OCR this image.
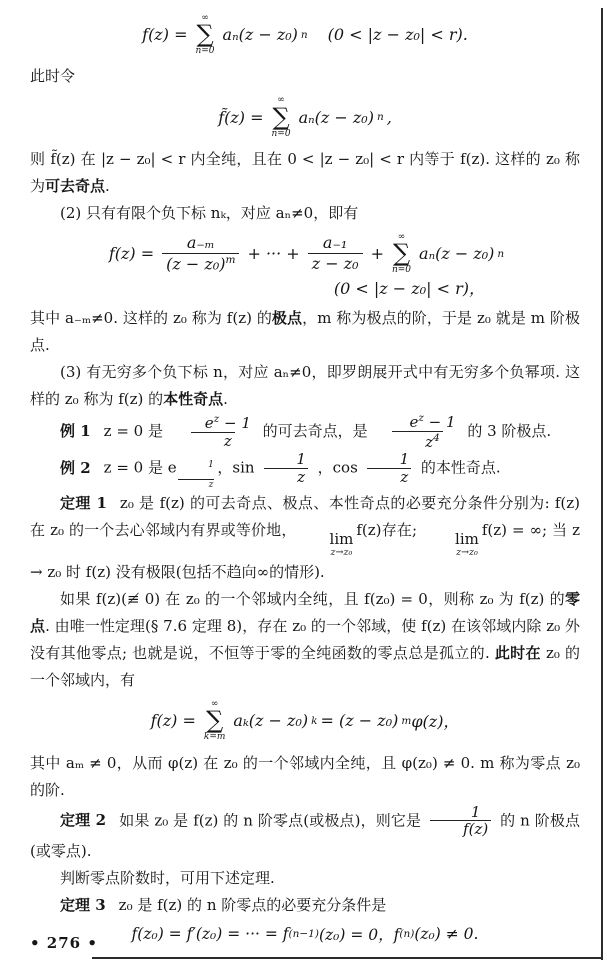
f(z) =
∞
∑
n=0
aₙ(z − z₀) n (0 < |z − z₀| < r).

此时令

f̃(z) =
∞
∑
n=0
aₙ(z − z₀) n ,

则 f̃(z) 在 |z − z₀| < r 内全纯，且在 0 < |z − z₀| < r 内等于 f(z). 这样的 z₀ 称为可去奇点.

(2) 只有有限个负下标 nₖ，对应 aₙ≠0，即有

$f(z) = \frac{\text{a₋ₘ}}{(z - z_0)^m}$ + ··· + $\frac{\text{a₋₁}}{\text{z − z₀}}$ +
∞
∑
n=0
aₙ(z − z₀) n
(0 < |z − z₀| < r)，

其中 a₋ₘ≠0. 这样的 z₀ 称为 f(z) 的极点，m 称为极点的阶，于是 z₀ 就是 m 阶极点.

(3) 有无穷多个负下标 n，对应 aₙ≠0，即罗朗展开式中有无穷多个负幂项. 这样的 z₀ 称为 f(z) 的本性奇点.

例 1 z = 0 是 $\frac{e^z - 1}{z}$ 的可去奇点，是 $\frac{e^z - 1}{z^4}$ 的 3 阶极点.

例 2 z = 0 是 e $\frac{1}{z}$ ，$\sin \frac{1}{z}$ ，$\cos \frac{1}{z}$ 的本性奇点.

定理 1 z₀ 是 f(z) 的可去奇点、极点、本性奇点的必要充分条件分别为: f(z) 在 z₀ 的一个去心邻域内有界或等价地，	lim
z→z₀
f(z)存在;	lim
z→z₀
f(z) = ∞; 当 z → z₀ 时 f(z) 没有极限(包括不趋向∞的情形).

如果 f(z)(≢ 0) 在 z₀ 的一个邻域内全纯，且 f(z₀) = 0，则称 z₀ 为 f(z) 的零点. 由唯一性定理(§ 7.6 定理 8)，存在 z₀ 的一个邻域，使 f(z) 在该邻域内除 z₀ 外没有其他零点; 也就是说，不恒等于零的全纯函数的零点总是孤立的. 此时在 z₀ 的一个邻域内，有

f(z) =
∞
∑
k=m
aₖ(z − z₀) k = (z − z₀) m φ(z)，

其中 aₘ ≠ 0，从而 φ(z) 在 z₀ 的一个邻域内全纯，且 φ(z₀) ≠ 0. m 称为零点 z₀ 的阶.

定理 2 如果 z₀ 是 f(z) 的 n 阶零点(或极点)，则它是 $\frac{1}{f(z)}$ 的 n 阶极点(或零点).

判断零点阶数时，可用下述定理.

定理 3 z₀ 是 f(z) 的 n 阶零点的必要充分条件是

f(z₀) = f′(z₀) = ··· = f (n−1) (z₀) = 0，f (n) (z₀) ≠ 0.
• 276 •
